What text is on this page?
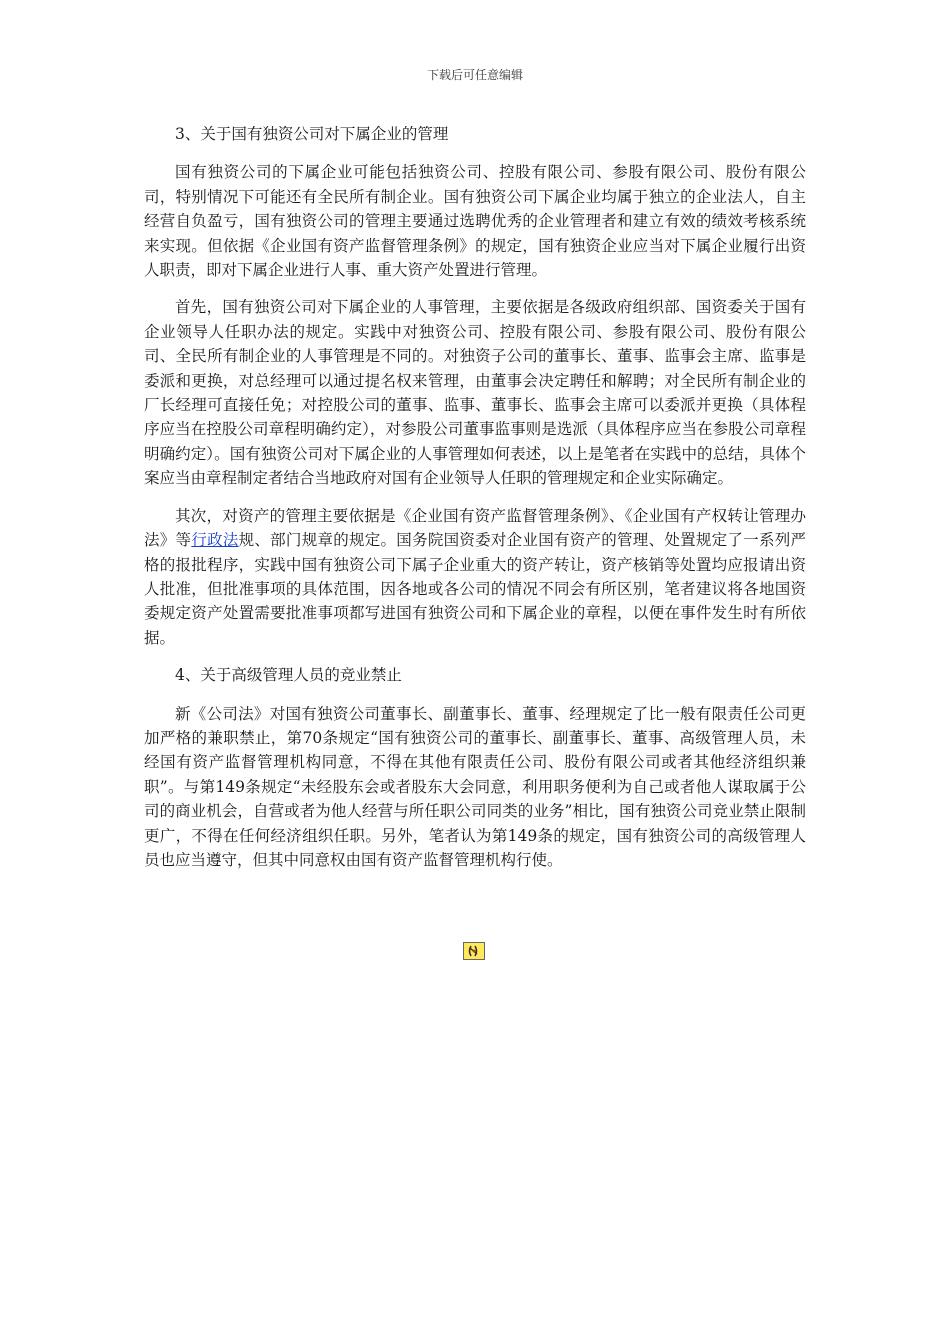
下载后可任意编辑

3、关于国有独资公司对下属企业的管理

国有独资公司的下属企业可能包括独资公司、控股有限公司、参股有限公司、股份有限公司，特别情况下可能还有全民所有制企业。国有独资公司下属企业均属于独立的企业法人，自主经营自负盈亏，国有独资公司的管理主要通过选聘优秀的企业管理者和建立有效的绩效考核系统来实现。但依据《企业国有资产监督管理条例》的规定，国有独资企业应当对下属企业履行出资人职责，即对下属企业进行人事、重大资产处置进行管理。

首先，国有独资公司对下属企业的人事管理，主要依据是各级政府组织部、国资委关于国有企业领导人任职办法的规定。实践中对独资公司、控股有限公司、参股有限公司、股份有限公司、全民所有制企业的人事管理是不同的。对独资子公司的董事长、董事、监事会主席、监事是委派和更换，对总经理可以通过提名权来管理，由董事会决定聘任和解聘；对全民所有制企业的厂长经理可直接任免；对控股公司的董事、监事、董事长、监事会主席可以委派并更换（具体程序应当在控股公司章程明确约定），对参股公司董事监事则是选派（具体程序应当在参股公司章程明确约定）。国有独资公司对下属企业的人事管理如何表述，以上是笔者在实践中的总结，具体个案应当由章程制定者结合当地政府对国有企业领导人任职的管理规定和企业实际确定。

其次，对资产的管理主要依据是《企业国有资产监督管理条例》、《企业国有产权转让管理办法》等行政法规、部门规章的规定。国务院国资委对企业国有资产的管理、处置规定了一系列严格的报批程序，实践中国有独资公司下属子企业重大的资产转让，资产核销等处置均应报请出资人批准，但批准事项的具体范围，因各地或各公司的情况不同会有所区别，笔者建议将各地国资委规定资产处置需要批准事项都写进国有独资公司和下属企业的章程，以便在事件发生时有所依据。

4、关于高级管理人员的竞业禁止

新《公司法》对国有独资公司董事长、副董事长、董事、经理规定了比一般有限责任公司更加严格的兼职禁止，第70条规定“国有独资公司的董事长、副董事长、董事、高级管理人员，未经国有资产监督管理机构同意，不得在其他有限责任公司、股份有限公司或者其他经济组织兼职”。与第149条规定“未经股东会或者股东大会同意，利用职务便利为自己或者他人谋取属于公司的商业机会，自营或者为他人经营与所任职公司同类的业务”相比，国有独资公司竞业禁止限制更广，不得在任何经济组织任职。另外，笔者认为第149条的规定，国有独资公司的高级管理人员也应当遵守，但其中同意权由国有资产监督管理机构行使。
